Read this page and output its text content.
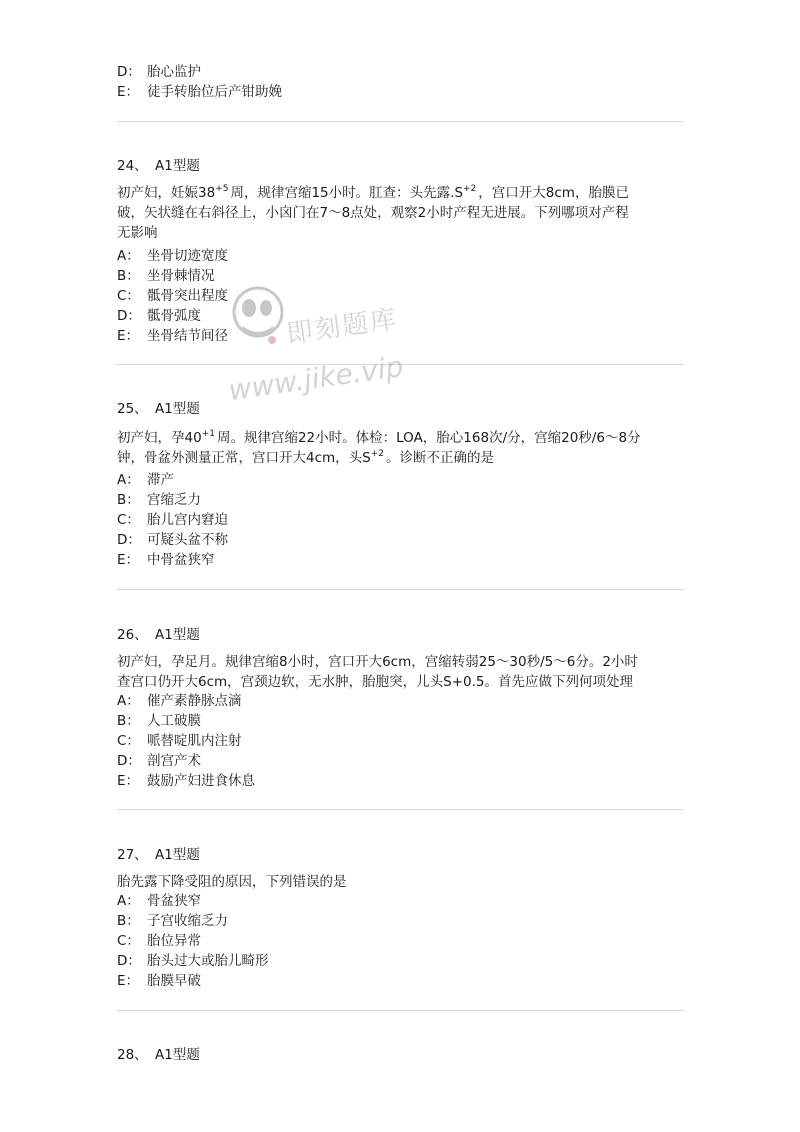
D： 胎心监护
E： 徒手转胎位后产钳助娩
24、 A1型题
初产妇，妊娠$38^{+5}$ 周，规律宫缩15小时。肛查：头先露$.S^{+2}$ ，宫口开大8cm，胎膜已
破，矢状缝在右斜径上，小囟门在7～8点处，观察2小时产程无进展。下列哪项对产程
无影响
A： 坐骨切迹宽度
B： 坐骨棘情况
C： 骶骨突出程度
D： 骶骨弧度
E： 坐骨结节间径
25、 A1型题
初产妇，孕$40^{+1}$ 周。规律宫缩22小时。体检：LOA，胎心168次/分，宫缩20秒/6～8分
钟，骨盆外测量正常，宫口开大4cm，头$S^{+2}$ 。诊断不正确的是
A： 滞产
B： 宫缩乏力
C： 胎儿宫内窘迫
D： 可疑头盆不称
E： 中骨盆狭窄
26、 A1型题
初产妇，孕足月。规律宫缩8小时，宫口开大6cm，宫缩转弱25～30秒/5～6分。2小时
查宫口仍开大6cm，宫颈边软，无水肿，胎胞突，儿头S+0.5。首先应做下列何项处理
A： 催产素静脉点滴
B： 人工破膜
C： 哌替啶肌内注射
D： 剖宫产术
E： 鼓励产妇进食休息
27、 A1型题
胎先露下降受阻的原因，下列错误的是
A： 骨盆狭窄
B： 子宫收缩乏力
C： 胎位异常
D： 胎头过大或胎儿畸形
E： 胎膜早破
28、 A1型题
即刻题库
www.jike.vip
